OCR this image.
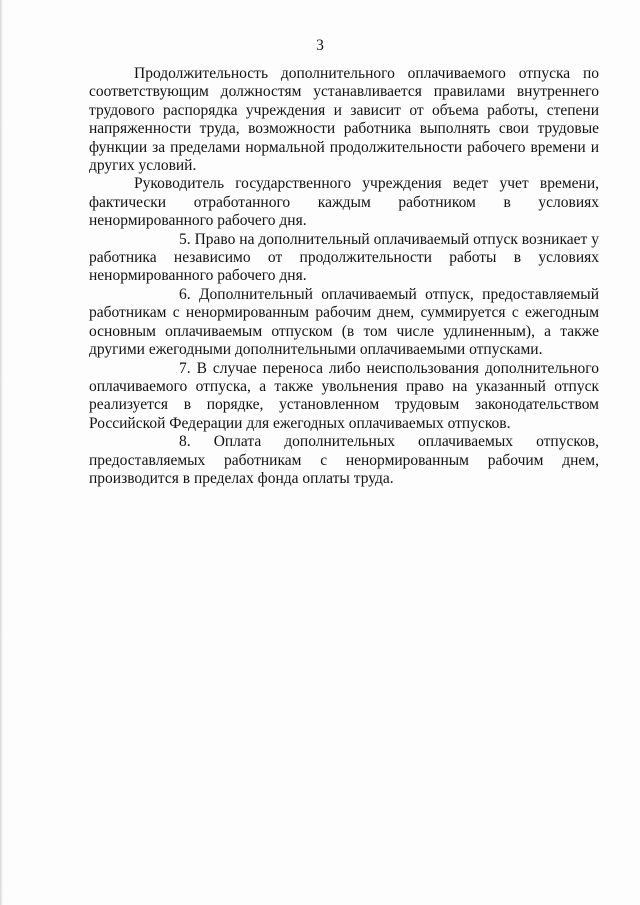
3

Продолжительность дополнительного оплачиваемого отпуска по соответствующим должностям устанавливается правилами внутреннего трудового распорядка учреждения и зависит от объема работы, степени напряженности труда, возможности работника выполнять свои трудовые функции за пределами нормальной продолжительности рабочего времени и других условий.

Руководитель государственного учреждения ведет учет времени, фактически отработанного каждым работником в условиях ненормированного рабочего дня.

5. Право на дополнительный оплачиваемый отпуск возникает у работника независимо от продолжительности работы в условиях ненормированного рабочего дня.

6. Дополнительный оплачиваемый отпуск, предоставляемый работникам с ненормированным рабочим днем, суммируется с ежегодным основным оплачиваемым отпуском (в том числе удлиненным), а также другими ежегодными дополнительными оплачиваемыми отпусками.

7. В случае переноса либо неиспользования дополнительного оплачиваемого отпуска, а также увольнения право на указанный отпуск реализуется в порядке, установленном трудовым законодательством Российской Федерации для ежегодных оплачиваемых отпусков.

8. Оплата дополнительных оплачиваемых отпусков, предоставляемых работникам с ненормированным рабочим днем, производится в пределах фонда оплаты труда.
